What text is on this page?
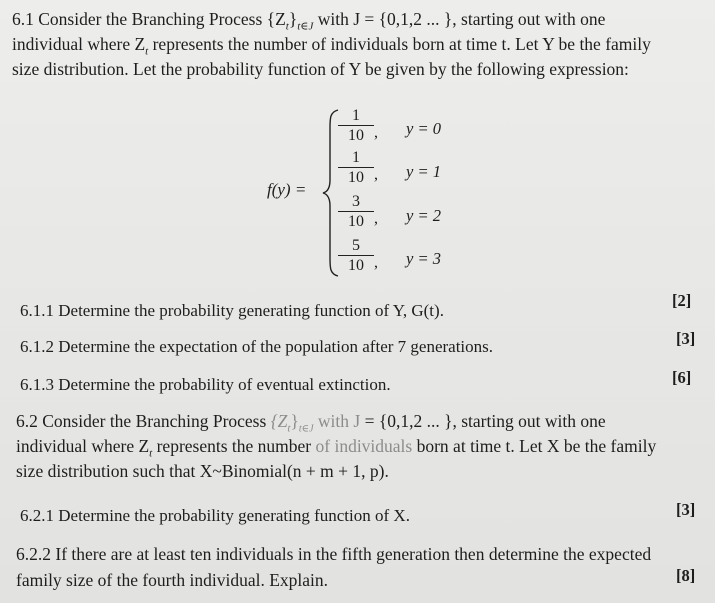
6.1 Consider the Branching Process $\{Z_t\}_{t\in J}$ with J = {0,1,2 ... }, starting out with one
individual where $Z_t$ represents the number of individuals born at time t. Let Y be the family
size distribution. Let the probability function of Y be given by the following expression:
f(y) =
1
10 , y = 0
1
10 , y = 1
3
10 , y = 2
5
10 , y = 3
6.1.1 Determine the probability generating function of Y, G(t).
[2]
6.1.2 Determine the expectation of the population after 7 generations.	[3]
6.1.3 Determine the probability of eventual extinction.	[6]
6.2 Consider the Branching Process $\{Z_t\}_{t\in J}$ with J = {0,1,2 ... }, starting out with one
individual where $Z_t$ represents the number of individuals born at time t. Let X be the family
size distribution such that X~Binomial(n + m + 1, p).
6.2.1 Determine the probability generating function of X.	[3]
6.2.2 If there are at least ten individuals in the fifth generation then determine the expected
family size of the fourth individual. Explain.	[8]
